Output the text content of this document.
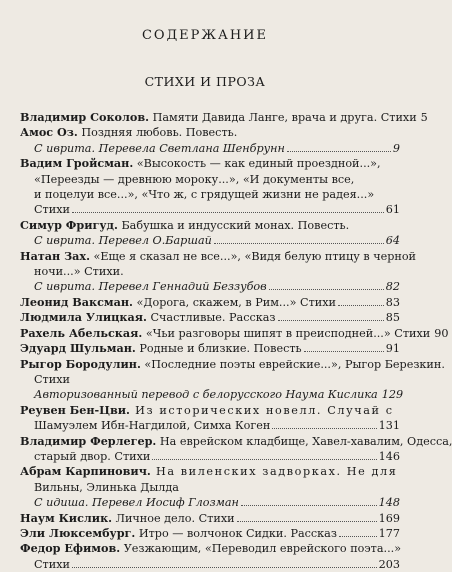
СОДЕРЖАНИЕ
СТИХИ И ПРОЗА
Владимир Соколов. Памяти Давида Ланге, врача и друга. Стихи 5
Амос Оз. Поздняя любовь. Повесть.
С иврита. Перевела Светлана Шенбрунн	9
Вадим Гройсман. «Высокость — как единый проездной...»,
«Переезды — древнюю мороку...», «И документы все,
и поцелуи все...», «Что ж, с грядущей жизни не радея...»
Стихи	61
Симур Фригуд. Бабушка и индусский монах. Повесть.
С иврита. Перевел О.Баршай	64
Натан Зах. «Еще я сказал не все...», «Видя белую птицу в черной
ночи...» Стихи.
С иврита. Перевел Геннадий Беззубов	82
Леонид Ваксман. «Дорога, скажем, в Рим...» Стихи	83
Людмила Улицкая. Счастливые. Рассказ	85
Рахель Абельская. «Чьи разговоры шипят в преисподней...» Стихи 90
Эдуард Шульман. Родные и близкие. Повесть	91
Рыгор Бородулин. «Последние поэты еврейские...», Рыгор Березкин.
Стихи
Авторизованный перевод с белорусского Наума Кислика 129
Реувен Бен-Цви. Из исторических новелл. Случай с
Шамуэлем Ибн-Нагдилой, Симха Коген	131
Владимир Ферлегер. На еврейском кладбище, Хавел-хавалим, Одесса,
старый двор. Стихи	146
Абрам Карпинович. На виленских задворках. Не для
Вильны, Элинька Дылда
С идиша. Перевел Иосиф Глозман	148
Наум Кислик. Личное дело. Стихи	169
Эли Люксембург. Итро — волчонок Сидки. Рассказ	177
Федор Ефимов. Уезжающим, «Переводил еврейского поэта...»
Стихи	203
